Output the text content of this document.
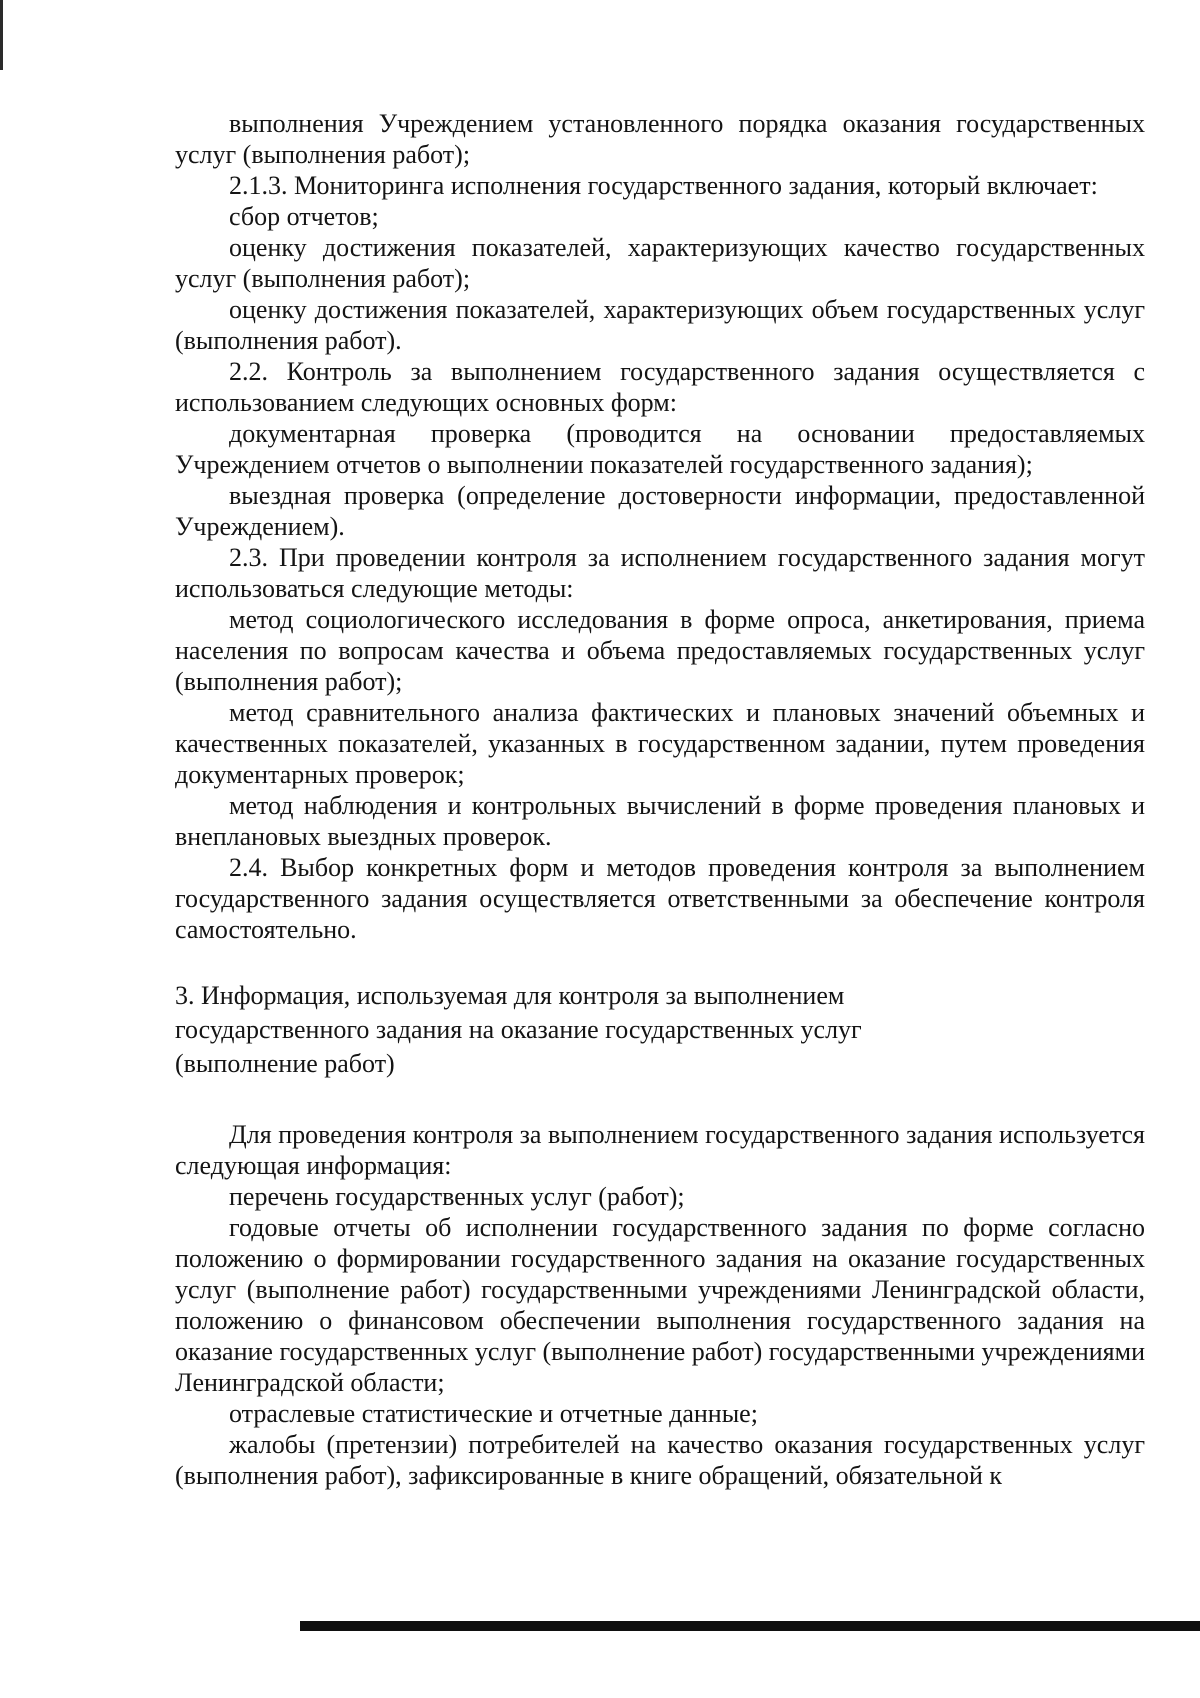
выполнения Учреждением установленного порядка оказания государственных услуг (выполнения работ);

2.1.3. Мониторинга исполнения государственного задания, который включает:

сбор отчетов;

оценку достижения показателей, характеризующих качество государственных услуг (выполнения работ);

оценку достижения показателей, характеризующих объем государственных услуг (выполнения работ).

2.2. Контроль за выполнением государственного задания осуществляется с использованием следующих основных форм:

документарная проверка (проводится на основании предоставляемых Учреждением отчетов о выполнении показателей государственного задания);

выездная проверка (определение достоверности информации, предоставленной Учреждением).

2.3. При проведении контроля за исполнением государственного задания могут использоваться следующие методы:

метод социологического исследования в форме опроса, анкетирования, приема населения по вопросам качества и объема предоставляемых государственных услуг (выполнения работ);

метод сравнительного анализа фактических и плановых значений объемных и качественных показателей, указанных в государственном задании, путем проведения документарных проверок;

метод наблюдения и контрольных вычислений в форме проведения плановых и внеплановых выездных проверок.

2.4. Выбор конкретных форм и методов проведения контроля за выполнением государственного задания осуществляется ответственными за обеспечение контроля самостоятельно.

3. Информация, используемая для контроля за выполнением

государственного задания на оказание государственных услуг

(выполнение работ)

Для проведения контроля за выполнением государственного задания используется следующая информация:

перечень государственных услуг (работ);

годовые отчеты об исполнении государственного задания по форме согласно положению о формировании государственного задания на оказание государственных услуг (выполнение работ) государственными учреждениями Ленинградской области, положению о финансовом обеспечении выполнения государственного задания на оказание государственных услуг (выполнение работ) государственными учреждениями Ленинградской области;

отраслевые статистические и отчетные данные;

жалобы (претензии) потребителей на качество оказания государственных услуг (выполнения работ), зафиксированные в книге обращений, обязательной к
